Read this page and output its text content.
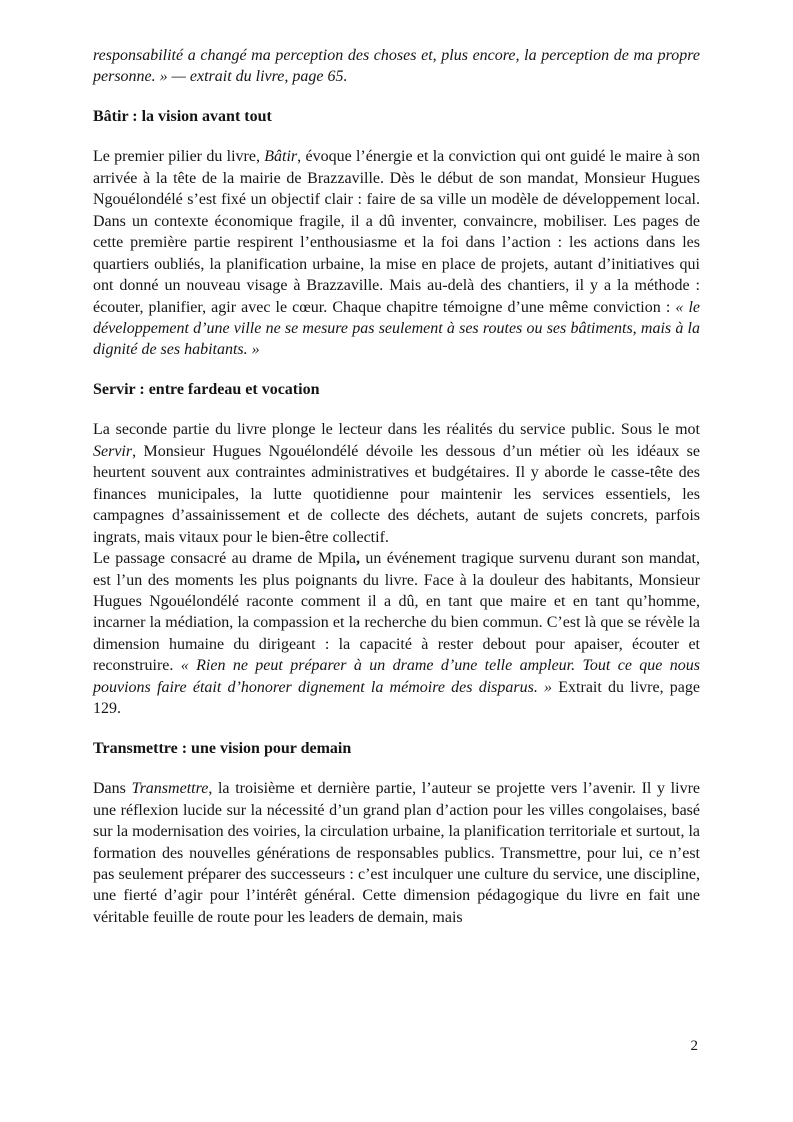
responsabilité a changé ma perception des choses et, plus encore, la perception de ma propre personne. » — extrait du livre, page 65.

Bâtir : la vision avant tout

Le premier pilier du livre, Bâtir, évoque l’énergie et la conviction qui ont guidé le maire à son arrivée à la tête de la mairie de Brazzaville. Dès le début de son mandat, Monsieur Hugues Ngouélondélé s’est fixé un objectif clair : faire de sa ville un modèle de développement local. Dans un contexte économique fragile, il a dû inventer, convaincre, mobiliser. Les pages de cette première partie respirent l’enthousiasme et la foi dans l’action : les actions dans les quartiers oubliés, la planification urbaine, la mise en place de projets, autant d’initiatives qui ont donné un nouveau visage à Brazzaville. Mais au-delà des chantiers, il y a la méthode : écouter, planifier, agir avec le cœur. Chaque chapitre témoigne d’une même conviction : « le développement d’une ville ne se mesure pas seulement à ses routes ou ses bâtiments, mais à la dignité de ses habitants. »

Servir : entre fardeau et vocation

La seconde partie du livre plonge le lecteur dans les réalités du service public. Sous le mot Servir, Monsieur Hugues Ngouélondélé dévoile les dessous d’un métier où les idéaux se heurtent souvent aux contraintes administratives et budgétaires. Il y aborde le casse-tête des finances municipales, la lutte quotidienne pour maintenir les services essentiels, les campagnes d’assainissement et de collecte des déchets, autant de sujets concrets, parfois ingrats, mais vitaux pour le bien-être collectif.

Le passage consacré au drame de Mpila, un événement tragique survenu durant son mandat, est l’un des moments les plus poignants du livre. Face à la douleur des habitants, Monsieur Hugues Ngouélondélé raconte comment il a dû, en tant que maire et en tant qu’homme, incarner la médiation, la compassion et la recherche du bien commun. C’est là que se révèle la dimension humaine du dirigeant : la capacité à rester debout pour apaiser, écouter et reconstruire. « Rien ne peut préparer à un drame d’une telle ampleur. Tout ce que nous pouvions faire était d’honorer dignement la mémoire des disparus. » Extrait du livre, page 129.

Transmettre : une vision pour demain

Dans Transmettre, la troisième et dernière partie, l’auteur se projette vers l’avenir. Il y livre une réflexion lucide sur la nécessité d’un grand plan d’action pour les villes congolaises, basé sur la modernisation des voiries, la circulation urbaine, la planification territoriale et surtout, la formation des nouvelles générations de responsables publics. Transmettre, pour lui, ce n’est pas seulement préparer des successeurs : c’est inculquer une culture du service, une discipline, une fierté d’agir pour l’intérêt général. Cette dimension pédagogique du livre en fait une véritable feuille de route pour les leaders de demain, mais

2
